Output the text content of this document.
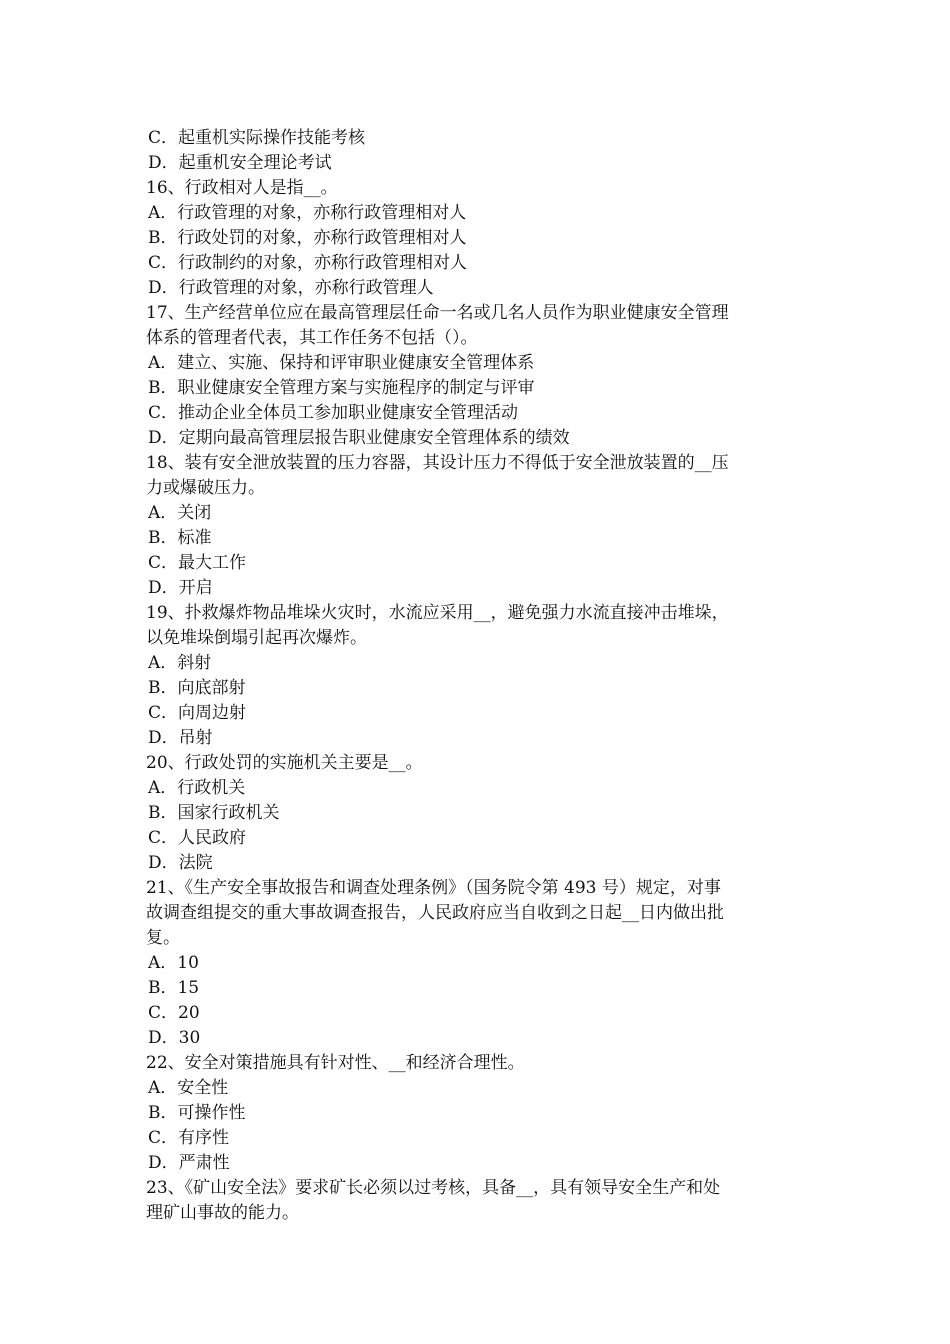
C．起重机实际操作技能考核
D．起重机安全理论考试
16、行政相对人是指__。
A．行政管理的对象，亦称行政管理相对人
B．行政处罚的对象，亦称行政管理相对人
C．行政制约的对象，亦称行政管理相对人
D．行政管理的对象，亦称行政管理人
17、生产经营单位应在最高管理层任命一名或几名人员作为职业健康安全管理
体系的管理者代表，其工作任务不包括（）。
A．建立、实施、保持和评审职业健康安全管理体系
B．职业健康安全管理方案与实施程序的制定与评审
C．推动企业全体员工参加职业健康安全管理活动
D．定期向最高管理层报告职业健康安全管理体系的绩效
18、装有安全泄放装置的压力容器，其设计压力不得低于安全泄放装置的__压
力或爆破压力。
A．关闭
B．标准
C．最大工作
D．开启
19、扑救爆炸物品堆垛火灾时，水流应采用__，避免强力水流直接冲击堆垛，
以免堆垛倒塌引起再次爆炸。
A．斜射
B．向底部射
C．向周边射
D．吊射
20、行政处罚的实施机关主要是__。
A．行政机关
B．国家行政机关
C．人民政府
D．法院
21、《生产安全事故报告和调查处理条例》（国务院令第 493 号）规定，对事
故调查组提交的重大事故调查报告，人民政府应当自收到之日起__日内做出批
复。
A．10
B．15
C．20
D．30
22、安全对策措施具有针对性、__和经济合理性。
A．安全性
B．可操作性
C．有序性
D．严肃性
23、《矿山安全法》要求矿长必须以过考核，具备__，具有领导安全生产和处
理矿山事故的能力。
